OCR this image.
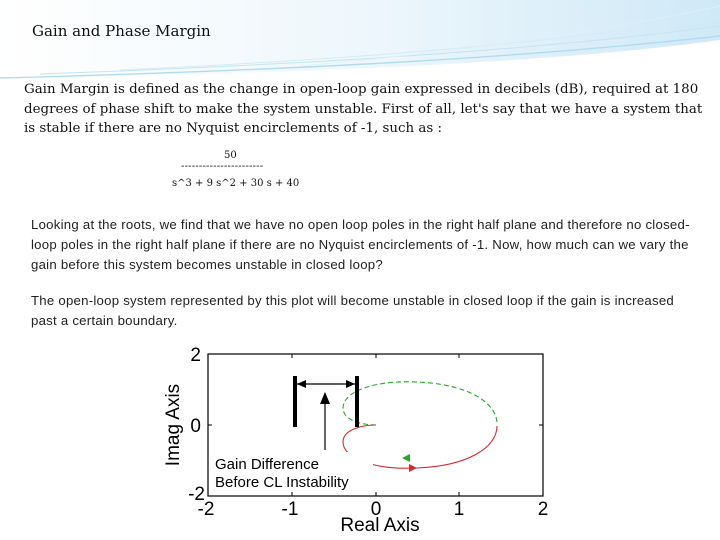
Gain and Phase Margin

Gain Margin is defined as the change in open-loop gain expressed in decibels (dB), required at 180 degrees of phase shift to make the system unstable. First of all, let's say that we have a system that is stable if there are no Nyquist encirclements of -1, such as :

50
-----------------------
s^3 + 9 s^2 + 30 s + 40

Looking at the roots, we find that we have no open loop poles in the right half plane and therefore no closed-loop poles in the right half plane if there are no Nyquist encirclements of -1. Now, how much can we vary the gain before this system becomes unstable in closed loop?

The open-loop system represented by this plot will become unstable in closed loop if the gain is increased past a certain boundary.

2
0
-2
-2	-1	0	1	2
Real Axis
Imag Axis Gain Difference
Before CL Instability
